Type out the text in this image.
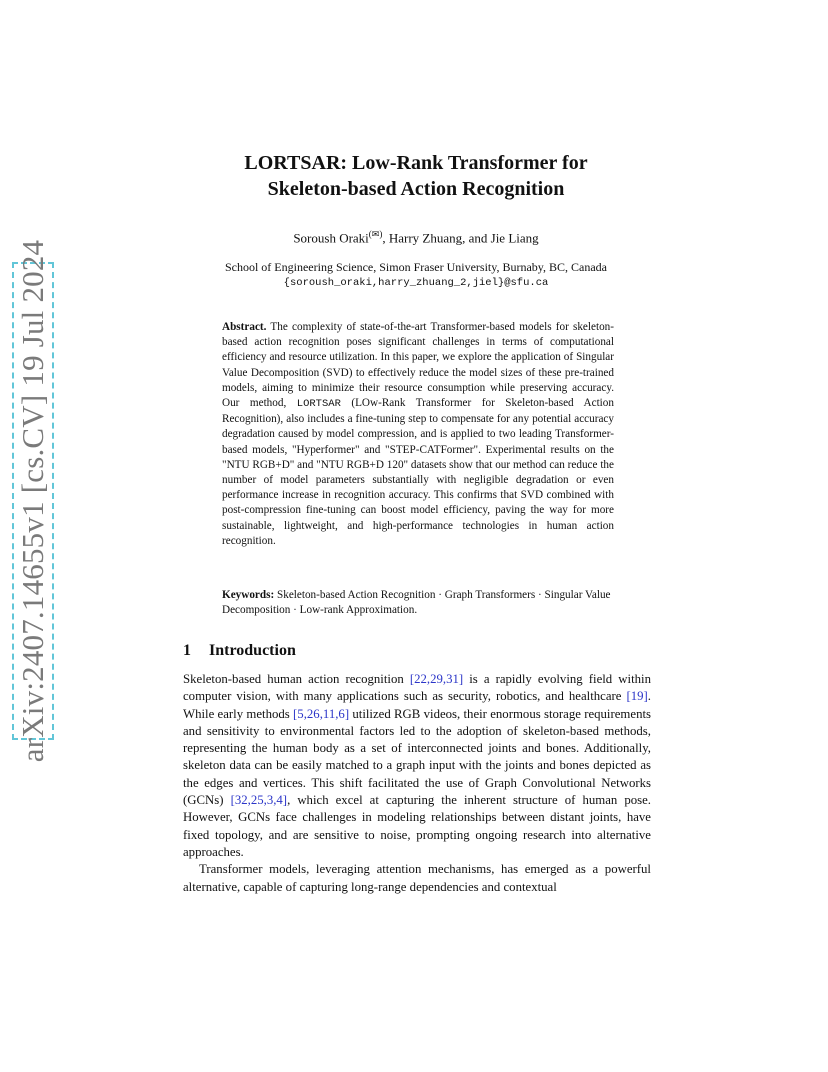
arXiv:2407.14655v1 [cs.CV] 19 Jul 2024
LORTSAR: Low-Rank Transformer for
Skeleton-based Action Recognition
Soroush Oraki(✉), Harry Zhuang, and Jie Liang
School of Engineering Science, Simon Fraser University, Burnaby, BC, Canada
{soroush_oraki,harry_zhuang_2,jiel}@sfu.ca
Abstract. The complexity of state-of-the-art Transformer-based models for skeleton-based action recognition poses significant challenges in terms of computational efficiency and resource utilization. In this paper, we explore the application of Singular Value Decomposition (SVD) to effectively reduce the model sizes of these pre-trained models, aiming to minimize their resource consumption while preserving accuracy. Our method, LORTSAR (LOw-Rank Transformer for Skeleton-based Action Recognition), also includes a fine-tuning step to compensate for any potential accuracy degradation caused by model compression, and is applied to two leading Transformer-based models, "Hyperformer" and "STEP-CATFormer". Experimental results on the "NTU RGB+D" and "NTU RGB+D 120" datasets show that our method can reduce the number of model parameters substantially with negligible degradation or even performance increase in recognition accuracy. This confirms that SVD combined with post-compression fine-tuning can boost model efficiency, paving the way for more sustainable, lightweight, and high-performance technologies in human action recognition.
Keywords: Skeleton-based Action Recognition · Graph Transformers · Singular Value Decomposition · Low-rank Approximation.
1 Introduction

Skeleton-based human action recognition [22,29,31] is a rapidly evolving field within computer vision, with many applications such as security, robotics, and healthcare [19]. While early methods [5,26,11,6] utilized RGB videos, their enormous storage requirements and sensitivity to environmental factors led to the adoption of skeleton-based methods, representing the human body as a set of interconnected joints and bones. Additionally, skeleton data can be easily matched to a graph input with the joints and bones depicted as the edges and vertices. This shift facilitated the use of Graph Convolutional Networks (GCNs) [32,25,3,4], which excel at capturing the inherent structure of human pose. However, GCNs face challenges in modeling relationships between distant joints, have fixed topology, and are sensitive to noise, prompting ongoing research into alternative approaches.

Transformer models, leveraging attention mechanisms, has emerged as a powerful alternative, capable of capturing long-range dependencies and contextual
